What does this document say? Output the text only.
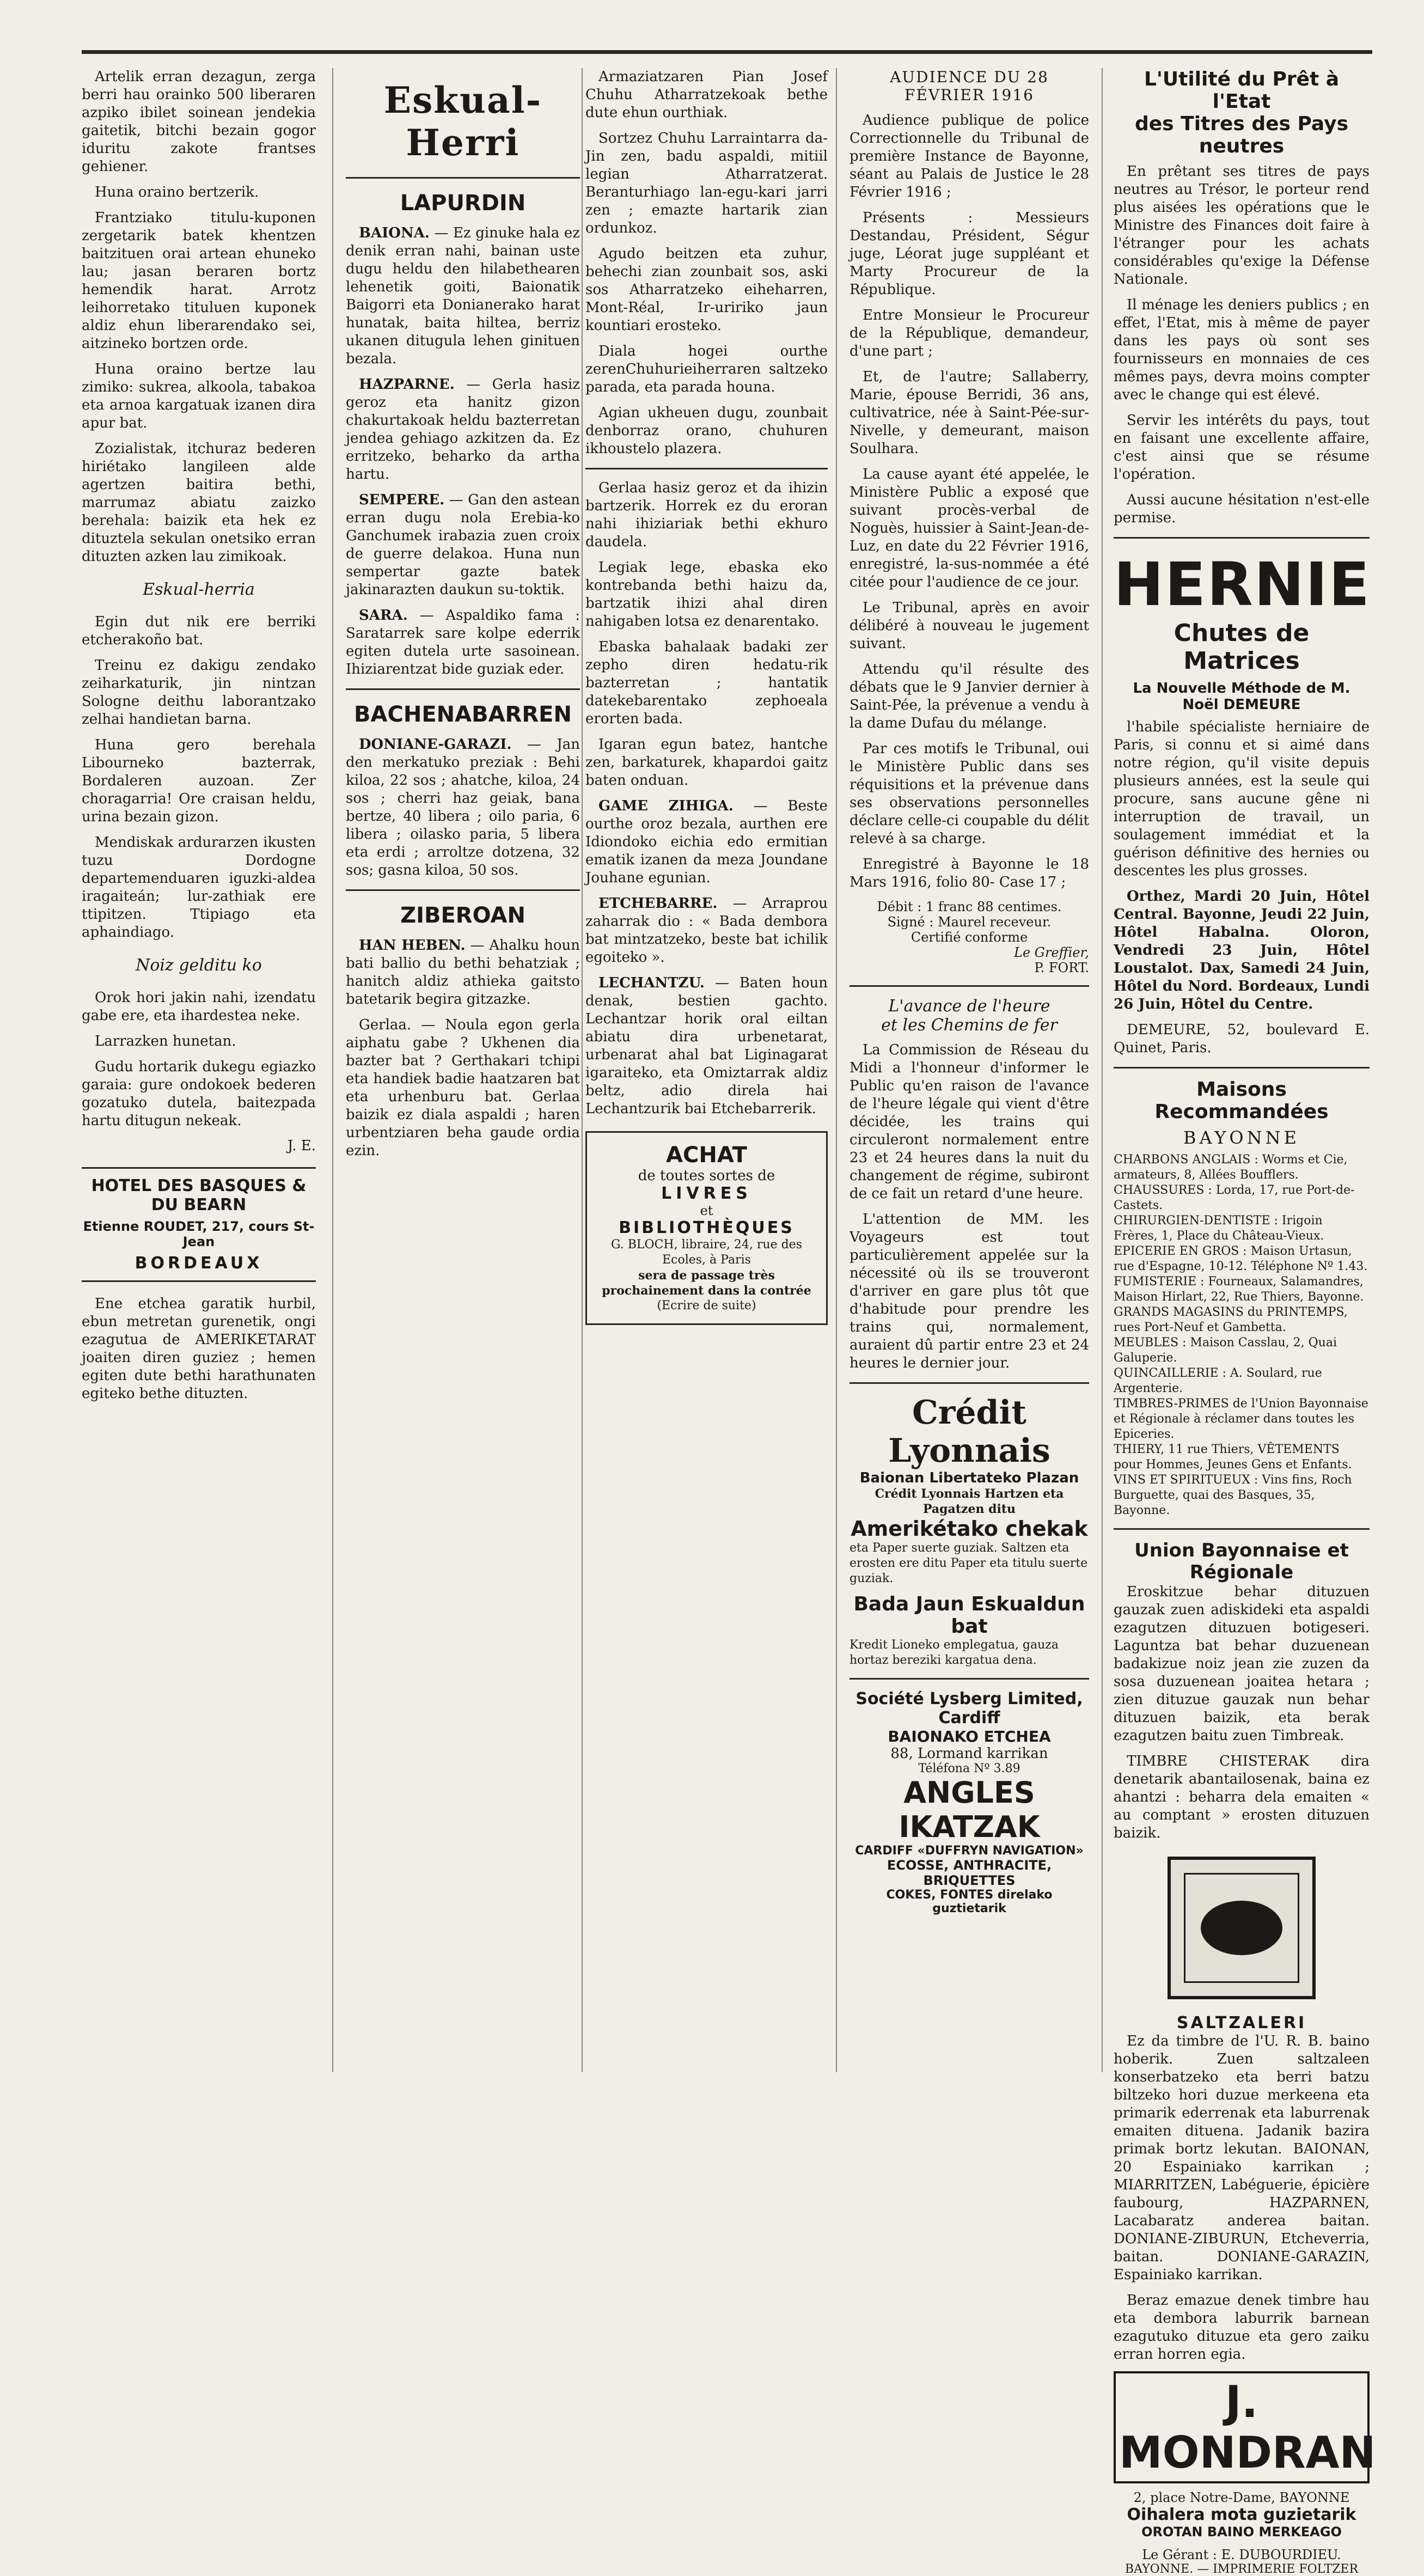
Artelik erran dezagun, zerga berri hau orainko 500 liberaren azpiko ibilet soinean jendekia gaitetik, bitchi bezain gogor iduritu zakote frantses gehiener.

Huna oraino bertzerik.

Frantziako titulu-kuponen zergetarik batek khentzen baitzituen orai artean ehuneko lau; jasan beraren bortz hemendik harat. Arrotz leihorretako tituluen kuponek aldiz ehun liberarendako sei, aitzineko bortzen orde.

Huna oraino bertze lau zimiko: sukrea, alkoola, tabakoa eta arnoa kargatuak izanen dira apur bat.

Zozialistak, itchuraz bederen hiriétako langileen alde agertzen baitira bethi, marrumaz abiatu zaizko berehala: baizik eta hek ez dituztela sekulan onetsiko erran dituzten azken lau zimikoak.

Eskual-herria

Egin dut nik ere berriki etcherakoño bat.

Treinu ez dakigu zendako zeiharkaturik, jin nintzan Sologne deithu laborantzako zelhai handietan barna.

Huna gero berehala Libourneko bazterrak, Bordaleren auzoan. Zer choragarria! Ore craisan heldu, urina bezain gizon.

Mendiskak ardurarzen ikusten tuzu Dordogne departemenduaren iguzki-aldea iragaiteán; lur-zathiak ere ttipitzen. Ttipiago eta aphaindiago.

Noiz gelditu ko

Orok hori jakin nahi, izendatu gabe ere, eta ihardestea neke.

Larrazken hunetan.

Gudu hortarik dukegu egiazko garaia: gure ondokoek bederen gozatuko dutela, baitezpada hartu ditugun nekeak.

J. E.
HOTEL DES BASQUES & DU BEARN
Etienne ROUDET, 217, cours St-Jean
BORDEAUX

Ene etchea garatik hurbil, ebun metretan gurenetik, ongi ezagutua de AMERIKETARAT joaiten diren guziez ; hemen egiten dute bethi harathunaten egiteko bethe dituzten.

Eskual-Herri
LAPURDIN

BAIONA. — Ez ginuke hala ez denik erran nahi, bainan uste dugu heldu den hilabethearen lehenetik goiti, Baionatik Baigorri eta Donianerako harat hunatak, baita hiltea, berriz ukanen ditugula lehen ginituen bezala.

HAZPARNE. — Gerla hasiz geroz eta hanitz gizon chakurtakoak heldu bazterretan jendea gehiago azkitzen da. Ez erritzeko, beharko da artha hartu.

SEMPERE. — Gan den astean erran dugu nola Erebia-ko Ganchumek irabazia zuen croix de guerre delakoa. Huna nun sempertar gazte batek jakinarazten daukun su-toktik.

SARA. — Aspaldiko fama : Saratarrek sare kolpe ederrik egiten dutela urte sasoinean. Ihiziarentzat bide guziak eder.

BACHENABARREN

DONIANE-GARAZI. — Jan den merkatuko preziak : Behi kiloa, 22 sos ; ahatche, kiloa, 24 sos ; cherri haz geiak, bana bertze, 40 libera ; oilo paria, 6 libera ; oilasko paria, 5 libera eta erdi ; arroltze dotzena, 32 sos; gasna kiloa, 50 sos.

ZIBEROAN

HAN HEBEN. — Ahalku houn bati ballio du bethi behatziak ; hanitch aldiz athieka gaitsto batetarik begira gitzazke.

Gerlaa. — Noula egon gerla aiphatu gabe ? Ukhenen dia bazter bat ? Gerthakari tchipi eta handiek badie haatzaren bat eta urhenburu bat. Gerlaa baizik ez diala aspaldi ; haren urbentziaren beha gaude ordia ezin.

Armaziatzaren Pian Josef Chuhu Atharratzekoak bethe dute ehun ourthiak.

Sortzez Chuhu Larraintarra da-Jin zen, badu aspaldi, mitiil legian Atharratzerat. Beranturhiago lan-egu-kari jarri zen ; emazte hartarik zian ordunkoz.

Agudo beitzen eta zuhur, behechi zian zounbait sos, aski sos Atharratzeko eiheharren, Mont-Réal, Ir-uririko jaun kountiari erosteko.

Diala hogei ourthe zerenChuhurieiherraren saltzeko parada, eta parada houna.

Agian ukheuen dugu, zounbait denborraz orano, chuhuren ikhoustelo plazera.

Gerlaa hasiz geroz et da ihizin bartzerik. Horrek ez du eroran nahi ihiziariak bethi ekhuro daudela.

Legiak lege, ebaska eko kontrebanda bethi haizu da, bartzatik ihizi ahal diren nahigaben lotsa ez denarentako.

Ebaska bahalaak badaki zer zepho diren hedatu-rik bazterretan ; hantatik datekebarentako zephoeala erorten bada.

Igaran egun batez, hantche zen, barkaturek, khapardoi gaitz baten onduan.

GAME ZIHIGA. — Beste ourthe oroz bezala, aurthen ere Idiondoko eichia edo ermitian ematik izanen da meza Joundane Jouhane egunian.

ETCHEBARRE. — Arraprou zaharrak dio : « Bada dembora bat mintzatzeko, beste bat ichilik egoiteko ».

LECHANTZU. — Baten houn denak, bestien gachto. Lechantzar horik oral eiltan abiatu dira urbenetarat, urbenarat ahal bat Liginagarat igaraiteko, eta Omiztarrak aldiz beltz, adio direla hai Lechantzurik bai Etchebarrerik.

ACHAT
de toutes sortes de
LIVRES
et
BIBLIOTHÈQUES
G. BLOCH, libraire, 24, rue des Ecoles, à Paris
sera de passage très prochainement dans la contrée
(Ecrire de suite)
AUDIENCE DU 28 FÉVRIER 1916

Audience publique de police Correctionnelle du Tribunal de première Instance de Bayonne, séant au Palais de Justice le 28 Février 1916 ;

Présents : Messieurs Destandau, Président, Ségur juge, Léorat juge suppléant et Marty Procureur de la République.

Entre Monsieur le Procureur de la République, demandeur, d'une part ;

Et, de l'autre; Sallaberry, Marie, épouse Berridi, 36 ans, cultivatrice, née à Saint-Pée-sur-Nivelle, y demeurant, maison Soulhara.

La cause ayant été appelée, le Ministère Public a exposé que suivant procès-verbal de Noguès, huissier à Saint-Jean-de-Luz, en date du 22 Février 1916, enregistré, la-sus-nommée a été citée pour l'audience de ce jour.

Le Tribunal, après en avoir délibéré à nouveau le jugement suivant.

Attendu qu'il résulte des débats que le 9 Janvier dernier à Saint-Pée, la prévenue a vendu à la dame Dufau du mélange.

Par ces motifs le Tribunal, oui le Ministère Public dans ses réquisitions et la prévenue dans ses observations personnelles déclare celle-ci coupable du délit relevé à sa charge.

Enregistré à Bayonne le 18 Mars 1916, folio 80- Case 17 ;

Débit : 1 franc 88 centimes.
Signé : Maurel receveur.
Certifié conforme
Le Greffier,
P. FORT.
L'avance de l'heure
et les Chemins de fer

La Commission de Réseau du Midi a l'honneur d'informer le Public qu'en raison de l'avance de l'heure légale qui vient d'être décidée, les trains qui circuleront normalement entre 23 et 24 heures dans la nuit du changement de régime, subiront de ce fait un retard d'une heure.

L'attention de MM. les Voyageurs est tout particulièrement appelée sur la nécessité où ils se trouveront d'arriver en gare plus tôt que d'habitude pour prendre les trains qui, normalement, auraient dû partir entre 23 et 24 heures le dernier jour.

Crédit Lyonnais
Baionan Libertateko Plazan
Crédit Lyonnais Hartzen eta Pagatzen ditu
Amerikétako chekak
eta Paper suerte guziak. Saltzen eta erosten ere ditu Paper eta titulu suerte guziak.
Bada Jaun Eskualdun bat
Kredit Lioneko emplegatua, gauza hortaz bereziki kargatua dena.
Société Lysberg Limited, Cardiff
BAIONAKO ETCHEA
88, Lormand karrikan
Téléfona Nº 3.89
ANGLES IKATZAK
CARDIFF «DUFFRYN NAVIGATION»
ECOSSE, ANTHRACITE,
BRIQUETTES
COKES, FONTES direlako guztietarik
L'Utilité du Prêt à l'Etat
des Titres des Pays neutres

En prêtant ses titres de pays neutres au Trésor, le porteur rend plus aisées les opérations que le Ministre des Finances doit faire à l'étranger pour les achats considérables qu'exige la Défense Nationale.

Il ménage les deniers publics ; en effet, l'Etat, mis à même de payer dans les pays où sont ses fournisseurs en monnaies de ces mêmes pays, devra moins compter avec le change qui est élevé.

Servir les intérêts du pays, tout en faisant une excellente affaire, c'est ainsi que se résume l'opération.

Aussi aucune hésitation n'est-elle permise.

HERNIE
Chutes de Matrices
La Nouvelle Méthode de M. Noël DEMEURE

l'habile spécialiste herniaire de Paris, si connu et si aimé dans notre région, qu'il visite depuis plusieurs années, est la seule qui procure, sans aucune gêne ni interruption de travail, un soulagement immédiat et la guérison définitive des hernies ou descentes les plus grosses.

Orthez, Mardi 20 Juin, Hôtel Central. Bayonne, Jeudi 22 Juin, Hôtel Habalna. Oloron, Vendredi 23 Juin, Hôtel Loustalot. Dax, Samedi 24 Juin, Hôtel du Nord. Bordeaux, Lundi 26 Juin, Hôtel du Centre.

DEMEURE, 52, boulevard E. Quinet, Paris.

Maisons Recommandées
BAYONNE
CHARBONS ANGLAIS : Worms et Cie, armateurs, 8, Allées Boufflers.
CHAUSSURES : Lorda, 17, rue Port-de-Castets.
CHIRURGIEN-DENTISTE : Irigoin Frères, 1, Place du Château-Vieux.
EPICERIE EN GROS : Maison Urtasun, rue d'Espagne, 10-12. Téléphone Nº 1.43.
FUMISTERIE : Fourneaux, Salamandres, Maison Hirlart, 22, Rue Thiers, Bayonne.
GRANDS MAGASINS du PRINTEMPS, rues Port-Neuf et Gambetta.
MEUBLES : Maison Casslau, 2, Quai Galuperie.
QUINCAILLERIE : A. Soulard, rue Argenterie.
TIMBRES-PRIMES de l'Union Bayonnaise et Régionale à réclamer dans toutes les Epiceries.
THIERY, 11 rue Thiers, VÊTEMENTS pour Hommes, Jeunes Gens et Enfants.
VINS ET SPIRITUEUX : Vins fins, Roch Burguette, quai des Basques, 35, Bayonne.
Union Bayonnaise et Régionale

Eroskitzue behar dituzuen gauzak zuen adiskideki eta aspaldi ezagutzen dituzuen botigeseri. Laguntza bat behar duzuenean badakizue noiz jean zie zuzen da sosa duzuenean joaitea hetara ; zien dituzue gauzak nun behar dituzuen baizik, eta berak ezagutzen baitu zuen Timbreak.

TIMBRE CHISTERAK dira denetarik abantailosenak, baina ez ahantzi : beharra dela emaiten « au comptant » erosten dituzuen baizik.

SALTZALERI

Ez da timbre de l'U. R. B. baino hoberik. Zuen saltzaleen konserbatzeko eta berri batzu biltzeko hori duzue merkeena eta primarik ederrenak eta laburrenak emaiten dituena. Jadanik bazira primak bortz lekutan. BAIONAN, 20 Espainiako karrikan ; MIARRITZEN, Labéguerie, épicière faubourg, HAZPARNEN, Lacabaratz anderea baitan. DONIANE-ZIBURUN, Etcheverria, baitan. DONIANE-GARAZIN, Espainiako karrikan.

Beraz emazue denek timbre hau eta dembora laburrik barnean ezagutuko dituzue eta gero zaiku erran horren egia.

J. MONDRAN
2, place Notre-Dame, BAYONNE
Oihalera mota guzietarik
OROTAN BAINO MERKEAGO
Le Gérant : E. DUBOURDIEU.
BAYONNE. — IMPRIMERIE FOLTZER
